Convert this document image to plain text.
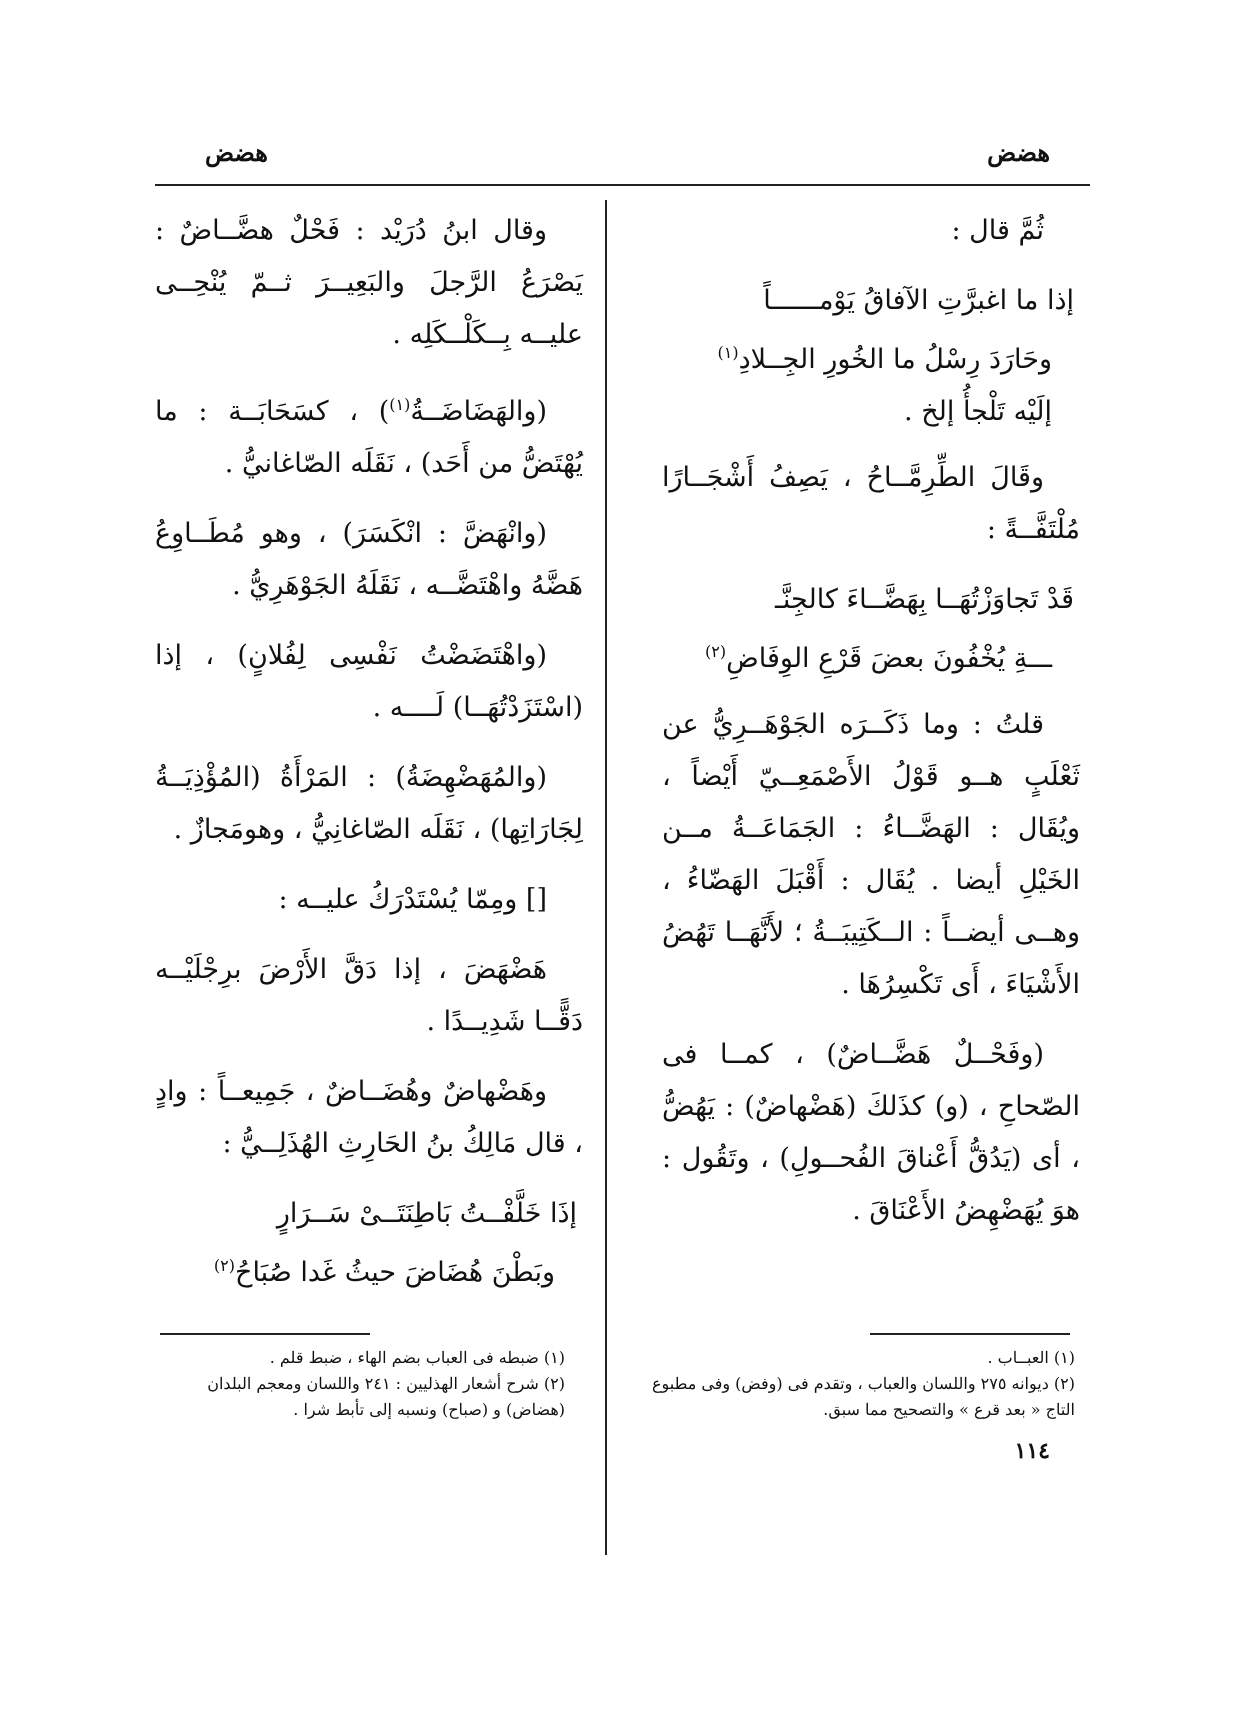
هضض
هضض

ثُمَّ قال :

إذا ما اغبرَّتِ الآفاقُ يَوْمــــــاً
وحَارَدَ رِسْلُ ما الخُورِ الجِــلادِ$^{(١)}$
إلَيْه تَلْجأُ إلخ .

وقَالَ الطِّرِمَّــاحُ ، يَصِفُ أَشْجَــارًا مُلْتَفَّــةً :

قَدْ تَجاوَزْتُهَــا بِهَضَّــاءَ كالجِنَّـ
ـــةِ يُخْفُونَ بعضَ قَرْعِ الوِفَاضِ$^{(٢)}$

قلتُ : وما ذَكَــرَه الجَوْهَــرِيُّ عن ثَعْلَبٍ هــو قَوْلُ الأَصْمَعِــيّ أَيْضاً ، ويُقَال : الهَضَّــاءُ : الجَمَاعَــةُ مــن الخَيْلِ أيضا . يُقَال : أَقْبَلَ الهَضّاءُ ، وهــى أيضــاً : الــكَتِيبَــةُ ؛ لأَنَّهَــا تَهُضُ الأَشْيَاءَ ، أَى تَكْسِرُهَا .

(وفَحْــلٌ هَضَّــاضٌ) ، كمــا فى الصّحاحِ ، (و) كذَلكَ (هَضْهاضٌ) : يَهُضُّ ، أى (يَدُقُّ أَعْناقَ الفُحــولِ) ، وتَقُول : هوَ يُهَضْهِضُ الأَعْنَاقَ .

وقال ابنُ دُرَيْد : فَحْلٌ هضَّــاضٌ : يَصْرَعُ الرَّجلَ والبَعِيــرَ ثــمّ يُنْحِــى عليــه بِــكَلْــكَلِه .

(والهَضَاضَــةُ$^{(١)}$) ، كسَحَابَــة : ما يُهْتَضُّ من أَحَد) ، نَقَلَه الصّاغانيُّ .

(وانْهَضَّ : انْكَسَرَ) ، وهو مُطَــاوِعُ هَضَّهُ واهْتَضَّــه ، نَقَلَهُ الجَوْهَرِيُّ .

(واهْتَضَضْتُ نَفْسِى لِفُلانٍ) ، إذا (اسْتَزَدْتُهَــا) لَــــه .

(والمُهَضْهِضَةُ) : المَرْأَةُ (المُؤْذِيَــةُ لِجَارَاتِها) ، نَقَلَه الصّاغانِيُّ ، وهومَجازٌ .

[] ومِمّا يُسْتَدْرَكُ عليــه :

هَضْهَضَ ، إذا دَقَّ الأَرْضَ برِجْلَيْــه دَقًّــا شَدِيــدًا .

وهَضْهاضٌ وهُضَــاضٌ ، جَمِيعــاً : وادٍ ، قال مَالِكُ بنُ الحَارِثِ الهُذَلِــيُّ :

إذَا خَلَّفْــتُ بَاطِنَتَــىْ سَــرَارٍ
وبَطْنَ هُضَاضَ حيثُ غَدا صُبَاحُ$^{(٢)}$

(١) العبــاب .

(٢) ديوانه ٢٧٥ واللسان والعباب ، وتقدم فى (وفض) وفى مطبوع التاج « بعد قرع » والتصحيح مما سبق.

(١) ضبطه فى العباب بضم الهاء ، ضبط قلم .

(٢) شرح أشعار الهذليين : ٢٤١ واللسان ومعجم البلدان (هضاض) و (صباح) ونسبه إلى تأبط شرا .

١١٤
